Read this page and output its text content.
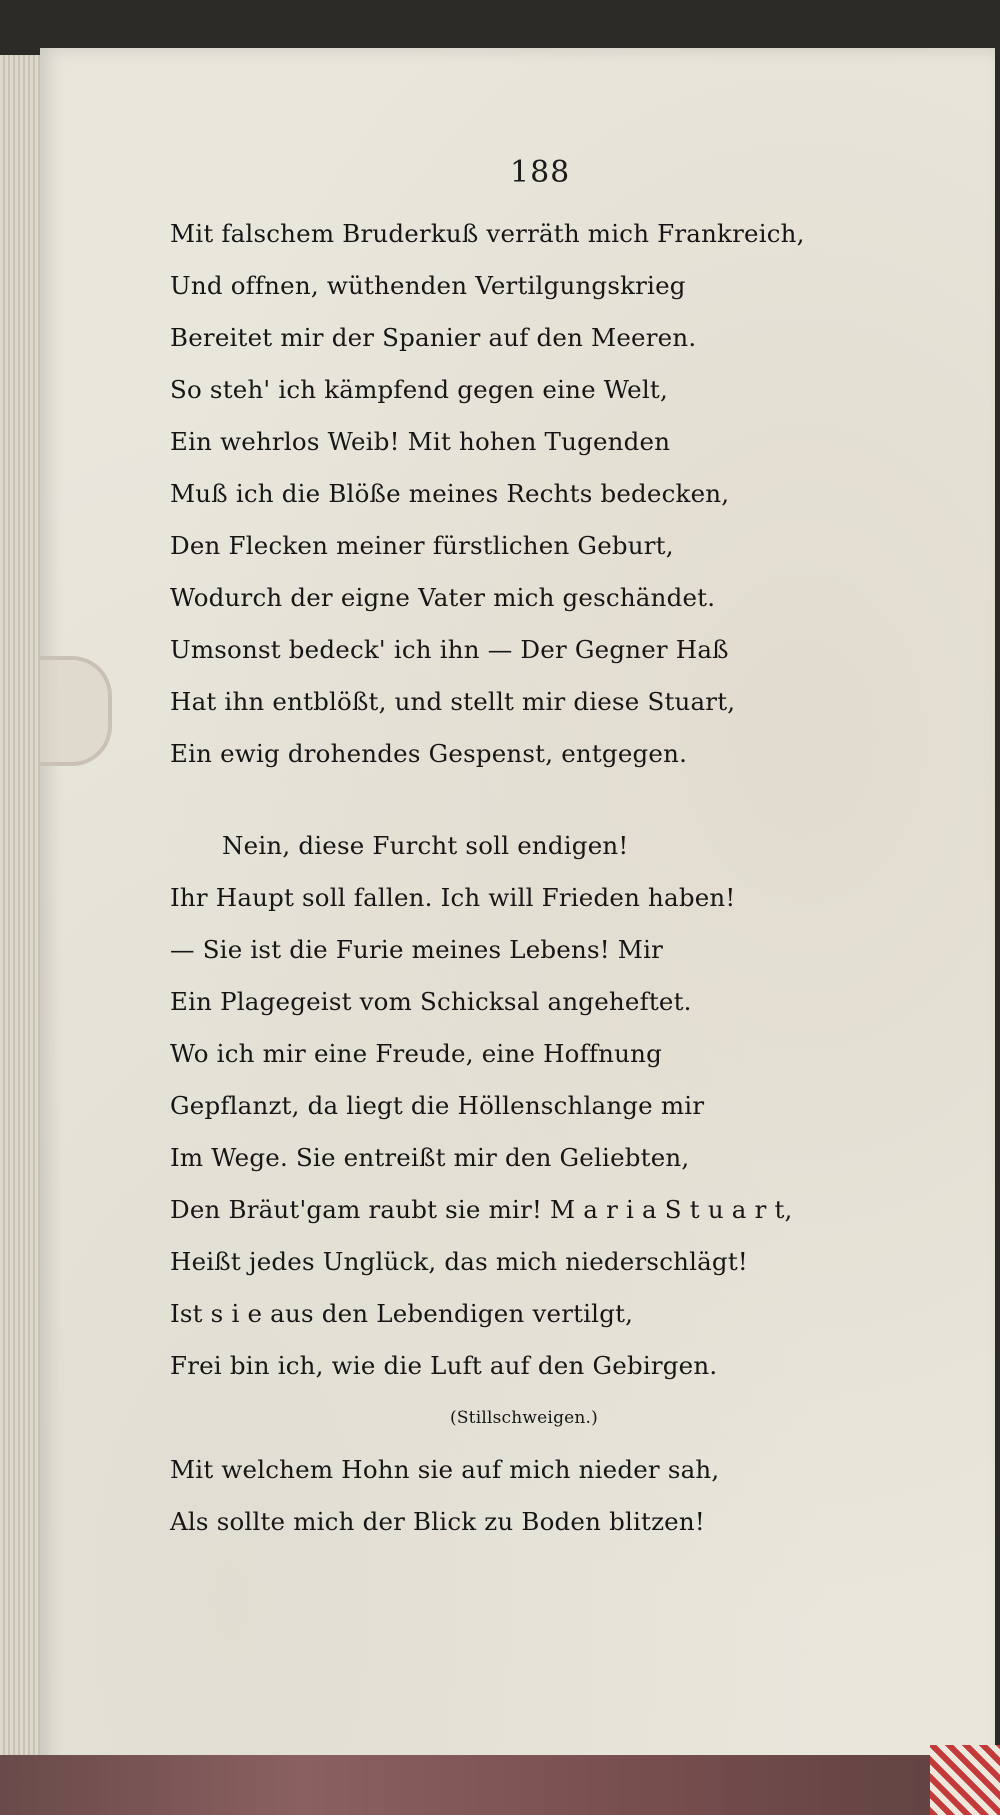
188
Mit falschem Bruderkuß verräth mich Frankreich,
Und offnen, wüthenden Vertilgungskrieg
Bereitet mir der Spanier auf den Meeren.
So steh' ich kämpfend gegen eine Welt,
Ein wehrlos Weib! Mit hohen Tugenden
Muß ich die Blöße meines Rechts bedecken,
Den Flecken meiner fürstlichen Geburt,
Wodurch der eigne Vater mich geschändet.
Umsonst bedeck' ich ihn — Der Gegner Haß
Hat ihn entblößt, und stellt mir diese Stuart,
Ein ewig drohendes Gespenst, entgegen.
Nein, diese Furcht soll endigen!
Ihr Haupt soll fallen. Ich will Frieden haben!
— Sie ist die Furie meines Lebens! Mir
Ein Plagegeist vom Schicksal angeheftet.
Wo ich mir eine Freude, eine Hoffnung
Gepflanzt, da liegt die Höllenschlange mir
Im Wege. Sie entreißt mir den Geliebten,
Den Bräut'gam raubt sie mir! M a r i a S t u a r t,
Heißt jedes Unglück, das mich niederschlägt!
Ist s i e aus den Lebendigen vertilgt,
Frei bin ich, wie die Luft auf den Gebirgen.
(Stillschweigen.)
Mit welchem Hohn sie auf mich nieder sah,
Als sollte mich der Blick zu Boden blitzen!
